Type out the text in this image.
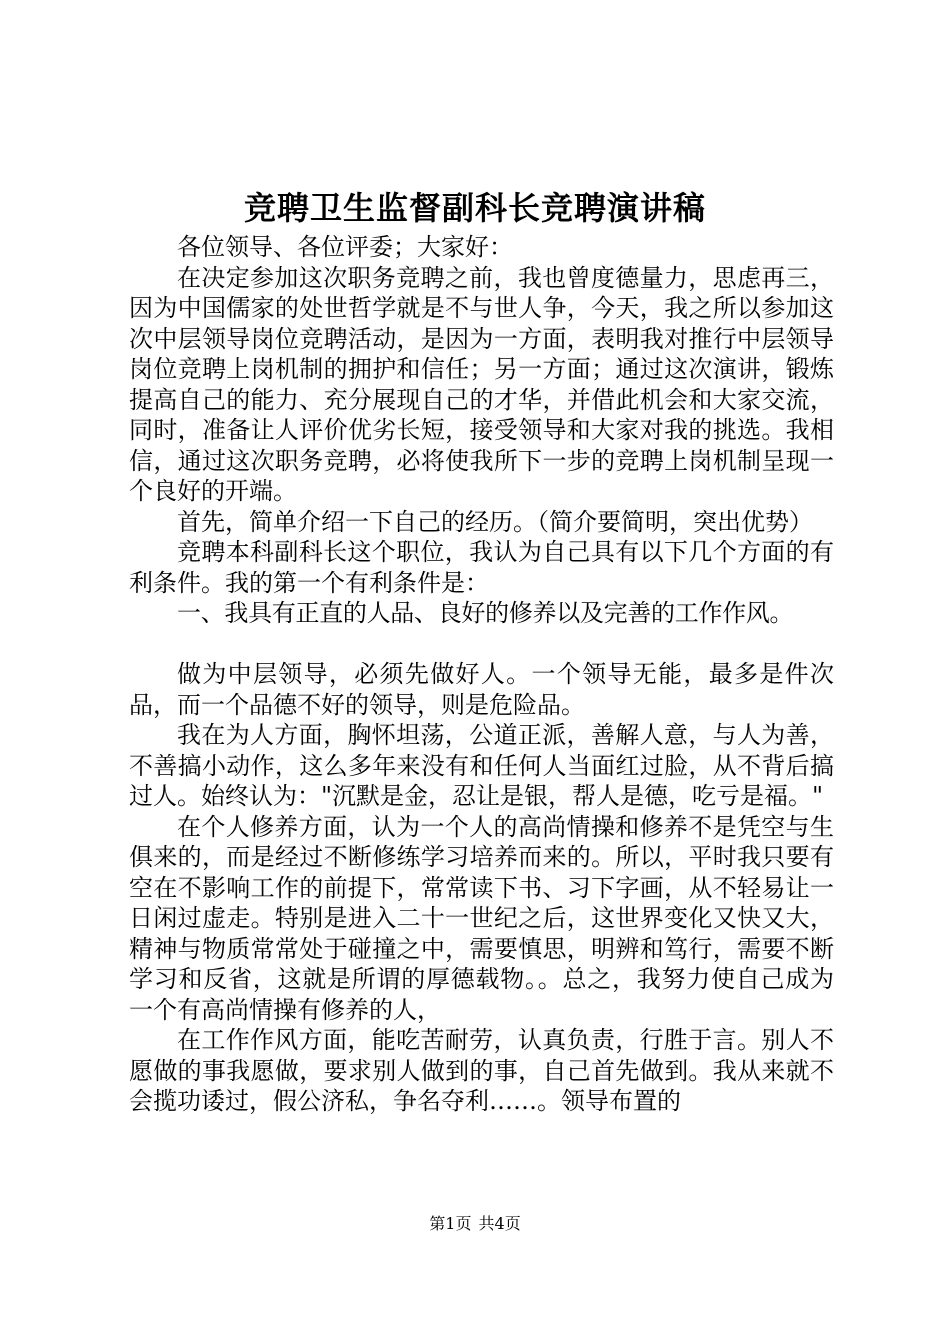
竞聘卫生监督副科长竞聘演讲稿

各位领导、各位评委；大家好：

在决定参加这次职务竞聘之前，我也曾度德量力，思虑再三，因为中国儒家的处世哲学就是不与世人争，今天，我之所以参加这次中层领导岗位竞聘活动，是因为一方面，表明我对推行中层领导岗位竞聘上岗机制的拥护和信任；另一方面；通过这次演讲，锻炼提高自己的能力、充分展现自己的才华，并借此机会和大家交流，同时，准备让人评价优劣长短，接受领导和大家对我的挑选。我相信，通过这次职务竞聘，必将使我所下一步的竞聘上岗机制呈现一个良好的开端。

首先，简单介绍一下自己的经历。（简介要简明，突出优势）

竞聘本科副科长这个职位，我认为自己具有以下几个方面的有利条件。我的第一个有利条件是：

一、我具有正直的人品、良好的修养以及完善的工作作风。

做为中层领导，必须先做好人。一个领导无能，最多是件次品，而一个品德不好的领导，则是危险品。

我在为人方面，胸怀坦荡，公道正派，善解人意，与人为善，不善搞小动作，这么多年来没有和任何人当面红过脸，从不背后搞过人。始终认为："沉默是金，忍让是银，帮人是德，吃亏是福。"

在个人修养方面，认为一个人的高尚情操和修养不是凭空与生俱来的，而是经过不断修练学习培养而来的。所以，平时我只要有空在不影响工作的前提下，常常读下书、习下字画，从不轻易让一日闲过虚走。特别是进入二十一世纪之后，这世界变化又快又大，精神与物质常常处于碰撞之中，需要慎思，明辨和笃行，需要不断学习和反省，这就是所谓的厚德载物。。总之，我努力使自己成为一个有高尚情操有修养的人，

在工作作风方面，能吃苦耐劳，认真负责，行胜于言。别人不愿做的事我愿做，要求别人做到的事，自己首先做到。我从来就不会揽功诿过，假公济私，争名夺利……。领导布置的

第1页 共4页
